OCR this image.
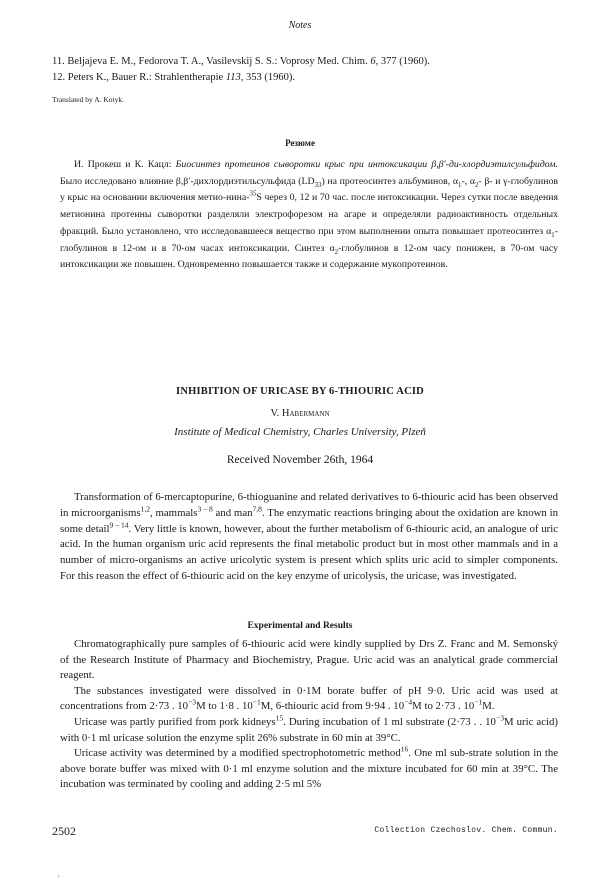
Notes
11. Beljajeva E. M., Fedorova T. A., Vasilevskij S. S.: Voprosy Med. Chim. 6, 377 (1960).
12. Peters K., Bauer R.: Strahlentherapie 113, 353 (1960).
Translated by A. Kotyk.
Резюме

И. Прокеш и К. Кацл: Биосинтез протеинов сыворотки крыс при интоксикации β,β′-ди-хлордиэтилсульфидом. Было исследовано влияние β,β′-дихлордиэтильсульфида $(LD_{33})$ на протеосинтез альбуминов, $\alpha_1-$, $\alpha_2-$ β- и γ-глобулинов у крыс на основании включения метио-нина-$^{35}$S через 0, 12 и 70 час. после интоксикации. Через сутки после введения метионина протеины сыворотки разделяли электрофорезом на агаре и определяли радиоактивность отдельных фракций. Было установлено, что исследовавшееся вещество при этом выполнении опыта повышает протеосинтез $\alpha_1$-глобулинов в 12-ом и в 70-ом часах интоксикации. Синтез $\alpha_2$-глобулинов в 12-ом часу понижен, в 70-ом часу интоксикации же повышен. Одновременно повышается также и содержание мукопротеинов.

INHIBITION OF URICASE BY 6-THIOURIC ACID
V. Habermann
Institute of Medical Chemistry, Charles University, Plzeň
Received November 26th, 1964

Transformation of 6-mercaptopurine, 6-thioguanine and related derivatives to 6-thiouric acid has been observed in microorganisms$^{1,2}$, mammals$^{3 - 8}$ and man$^{7,8}$. The enzymatic reactions bringing about the oxidation are known in some detail$^{9 - 14}$. Very little is known, however, about the further metabolism of 6-thiouric acid, an analogue of uric acid. In the human organism uric acid represents the final metabolic product but in most other mammals and in a number of micro-organisms an active uricolytic system is present which splits uric acid to simpler components. For this reason the effect of 6-thiouric acid on the key enzyme of uricolysis, the uricase, was investigated.

Experimental and Results

Chromatographically pure samples of 6-thiouric acid were kindly supplied by Drs Z. Franc and M. Semonský of the Research Institute of Pharmacy and Biochemistry, Prague. Uric acid was an analytical grade commercial reagent.

The substances investigated were dissolved in 0·1M borate buffer of pH 9·0. Uric acid was used at concentrations from 2·73 . $10^{-3}M$ to 1·8 . $10^{-1}M$, 6-thiouric acid from 9·94 . $10^{-4}M$ to 2·73 . $10^{-1}M$.

Uricase was partly purified from pork kidneys$^{15}$. During incubation of 1 ml substrate (2·73 . . $10^{-3}M$ uric acid) with 0·1 ml uricase solution the enzyme split 26% substrate in 60 min at 39°C.

Uricase activity was determined by a modified spectrophotometric method$^{16}$. One ml sub-strate solution in the above borate buffer was mixed with 0·1 ml enzyme solution and the mixture incubated for 60 min at 39°C. The incubation was terminated by cooling and adding 2·5 ml 5%

2502	Collection Czechoslov. Chem. Commun.
ʹ
